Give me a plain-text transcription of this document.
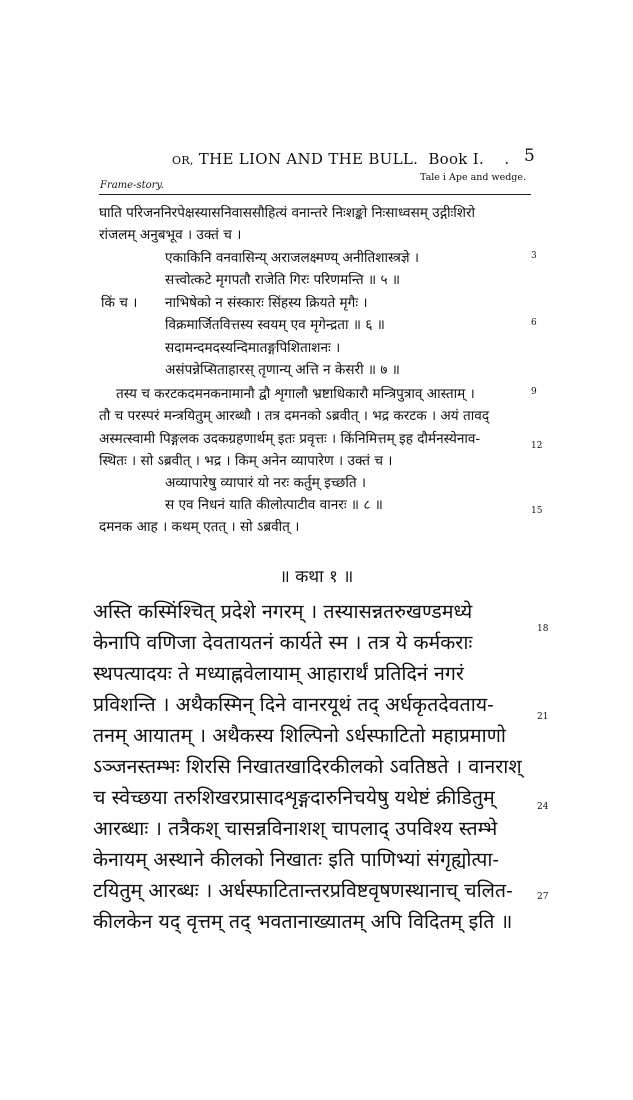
OR, THE LION AND THE BULL. Book I. . 5
Frame-story.
Tale i Ape and wedge.
घाति परिजननिरपेक्षस्यासनिवाससौहित्यं वनान्तरे निःशङ्को निःसाध्वसम् उद्गीःशिरो
रांजलम् अनुबभूव । उक्तं च ।
एकाकिनि वनवासिन्य् अराजलक्ष्मण्य् अनीतिशास्त्रज्ञे ।	3
सत्त्वोत्कटे मृगपतौ राजेति गिरः परिणमन्ति ॥ ५ ॥
किं च । नाभिषेको न संस्कारः सिंहस्य क्रियते मृगैः ।
विक्रमार्जितवित्तस्य स्वयम् एव मृगेन्द्रता ॥ ६ ॥	6
सदामन्दमदस्यन्दिमातङ्गपिशिताशनः ।
असंपन्नेप्सिताहारस् तृणान्य् अत्ति न केसरी ॥ ७ ॥
तस्य च करटकदमनकनामानौ द्वौ शृगालौ भ्रष्टाधिकारौ मन्त्रिपुत्राव् आस्ताम् ।	9
तौ च परस्परं मन्त्रयितुम् आरब्धौ । तत्र दमनको ऽब्रवीत् । भद्र करटक । अयं तावद्
अस्मत्स्वामी पिङ्गलक उदकग्रहणार्थम् इतः प्रवृत्तः । किंनिमित्तम् इह दौर्मनस्येनाव-
स्थितः । सो ऽब्रवीत् । भद्र । किम् अनेन व्यापारेण । उक्तं च ।
12
अव्यापारेषु व्यापारं यो नरः कर्तुम् इच्छति ।
स एव निधनं याति कीलोत्पाटीव वानरः ॥ ८ ॥
दमनक आह । कथम् एतत् । सो ऽब्रवीत् ।
15
॥ कथा १ ॥
अस्ति कस्मिंश्चित् प्रदेशे नगरम् । तस्यासन्नतरुखण्डमध्ये
केनापि वणिजा देवतायतनं कार्यते स्म । तत्र ये कर्मकराः
18
स्थपत्यादयः ते मध्याह्नवेलायाम् आहारार्थं प्रतिदिनं नगरं
प्रविशन्ति । अथैकस्मिन् दिने वानरयूथं तद् अर्धकृतदेवताय-
तनम् आयातम् । अथैकस्य शिल्पिनो ऽर्धस्फाटितो महाप्रमाणो
21
ऽञ्जनस्तम्भः शिरसि निखातखादिरकीलको ऽवतिष्ठते । वानराश्
च स्वेच्छया तरुशिखरप्रासादशृङ्गदारुनिचयेषु यथेष्टं क्रीडितुम्
आरब्धाः । तत्रैकश् चासन्नविनाशश् चापलाद् उपविश्य स्तम्भे
24
केनायम् अस्थाने कीलको निखातः इति पाणिभ्यां संगृह्योत्पा-
टयितुम् आरब्धः । अर्धस्फाटितान्तरप्रविष्टवृषणस्थानाच् चलित-
कीलकेन यद् वृत्तम् तद् भवतानाख्यातम् अपि विदितम् इति ॥
27
